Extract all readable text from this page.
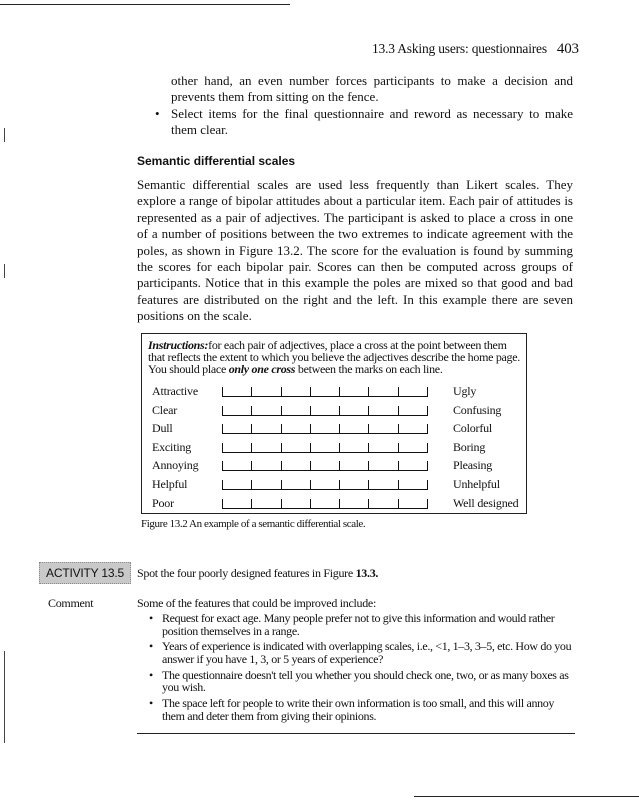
13.3 Asking users: questionnaires 403
other hand, an even number forces participants to make a decision and prevents them from sitting on the fence.
• Select items for the final questionnaire and reword as necessary to make them clear.
Semantic differential scales
Semantic differential scales are used less frequently than Likert scales. They explore a range of bipolar attitudes about a particular item. Each pair of attitudes is represented as a pair of adjectives. The participant is asked to place a cross in one of a number of positions between the two extremes to indicate agreement with the poles, as shown in Figure 13.2. The score for the evaluation is found by summing the scores for each bipolar pair. Scores can then be computed across groups of participants. Notice that in this example the poles are mixed so that good and bad features are distributed on the right and the left. In this example there are seven positions on the scale.
Instructions:for each pair of adjectives, place a cross at the point between them that reflects the extent to which you believe the adjectives describe the home page. You should place only one cross between the marks on each line.
Attractive	Ugly
Clear	Confusing
Dull	Colorful
Exciting	Boring
Annoying	Pleasing
Helpful	Unhelpful
Poor	Well designed
Figure 13.2 An example of a semantic differential scale.
ACTIVITY 13.5	Spot the four poorly designed features in Figure 13.3.
Comment	Some of the features that could be improved include:
• Request for exact age. Many people prefer not to give this information and would rather position themselves in a range.
• Years of experience is indicated with overlapping scales, i.e., <1, 1–3, 3–5, etc. How do you answer if you have 1, 3, or 5 years of experience?
• The questionnaire doesn't tell you whether you should check one, two, or as many boxes as you wish.
• The space left for people to write their own information is too small, and this will annoy them and deter them from giving their opinions.
